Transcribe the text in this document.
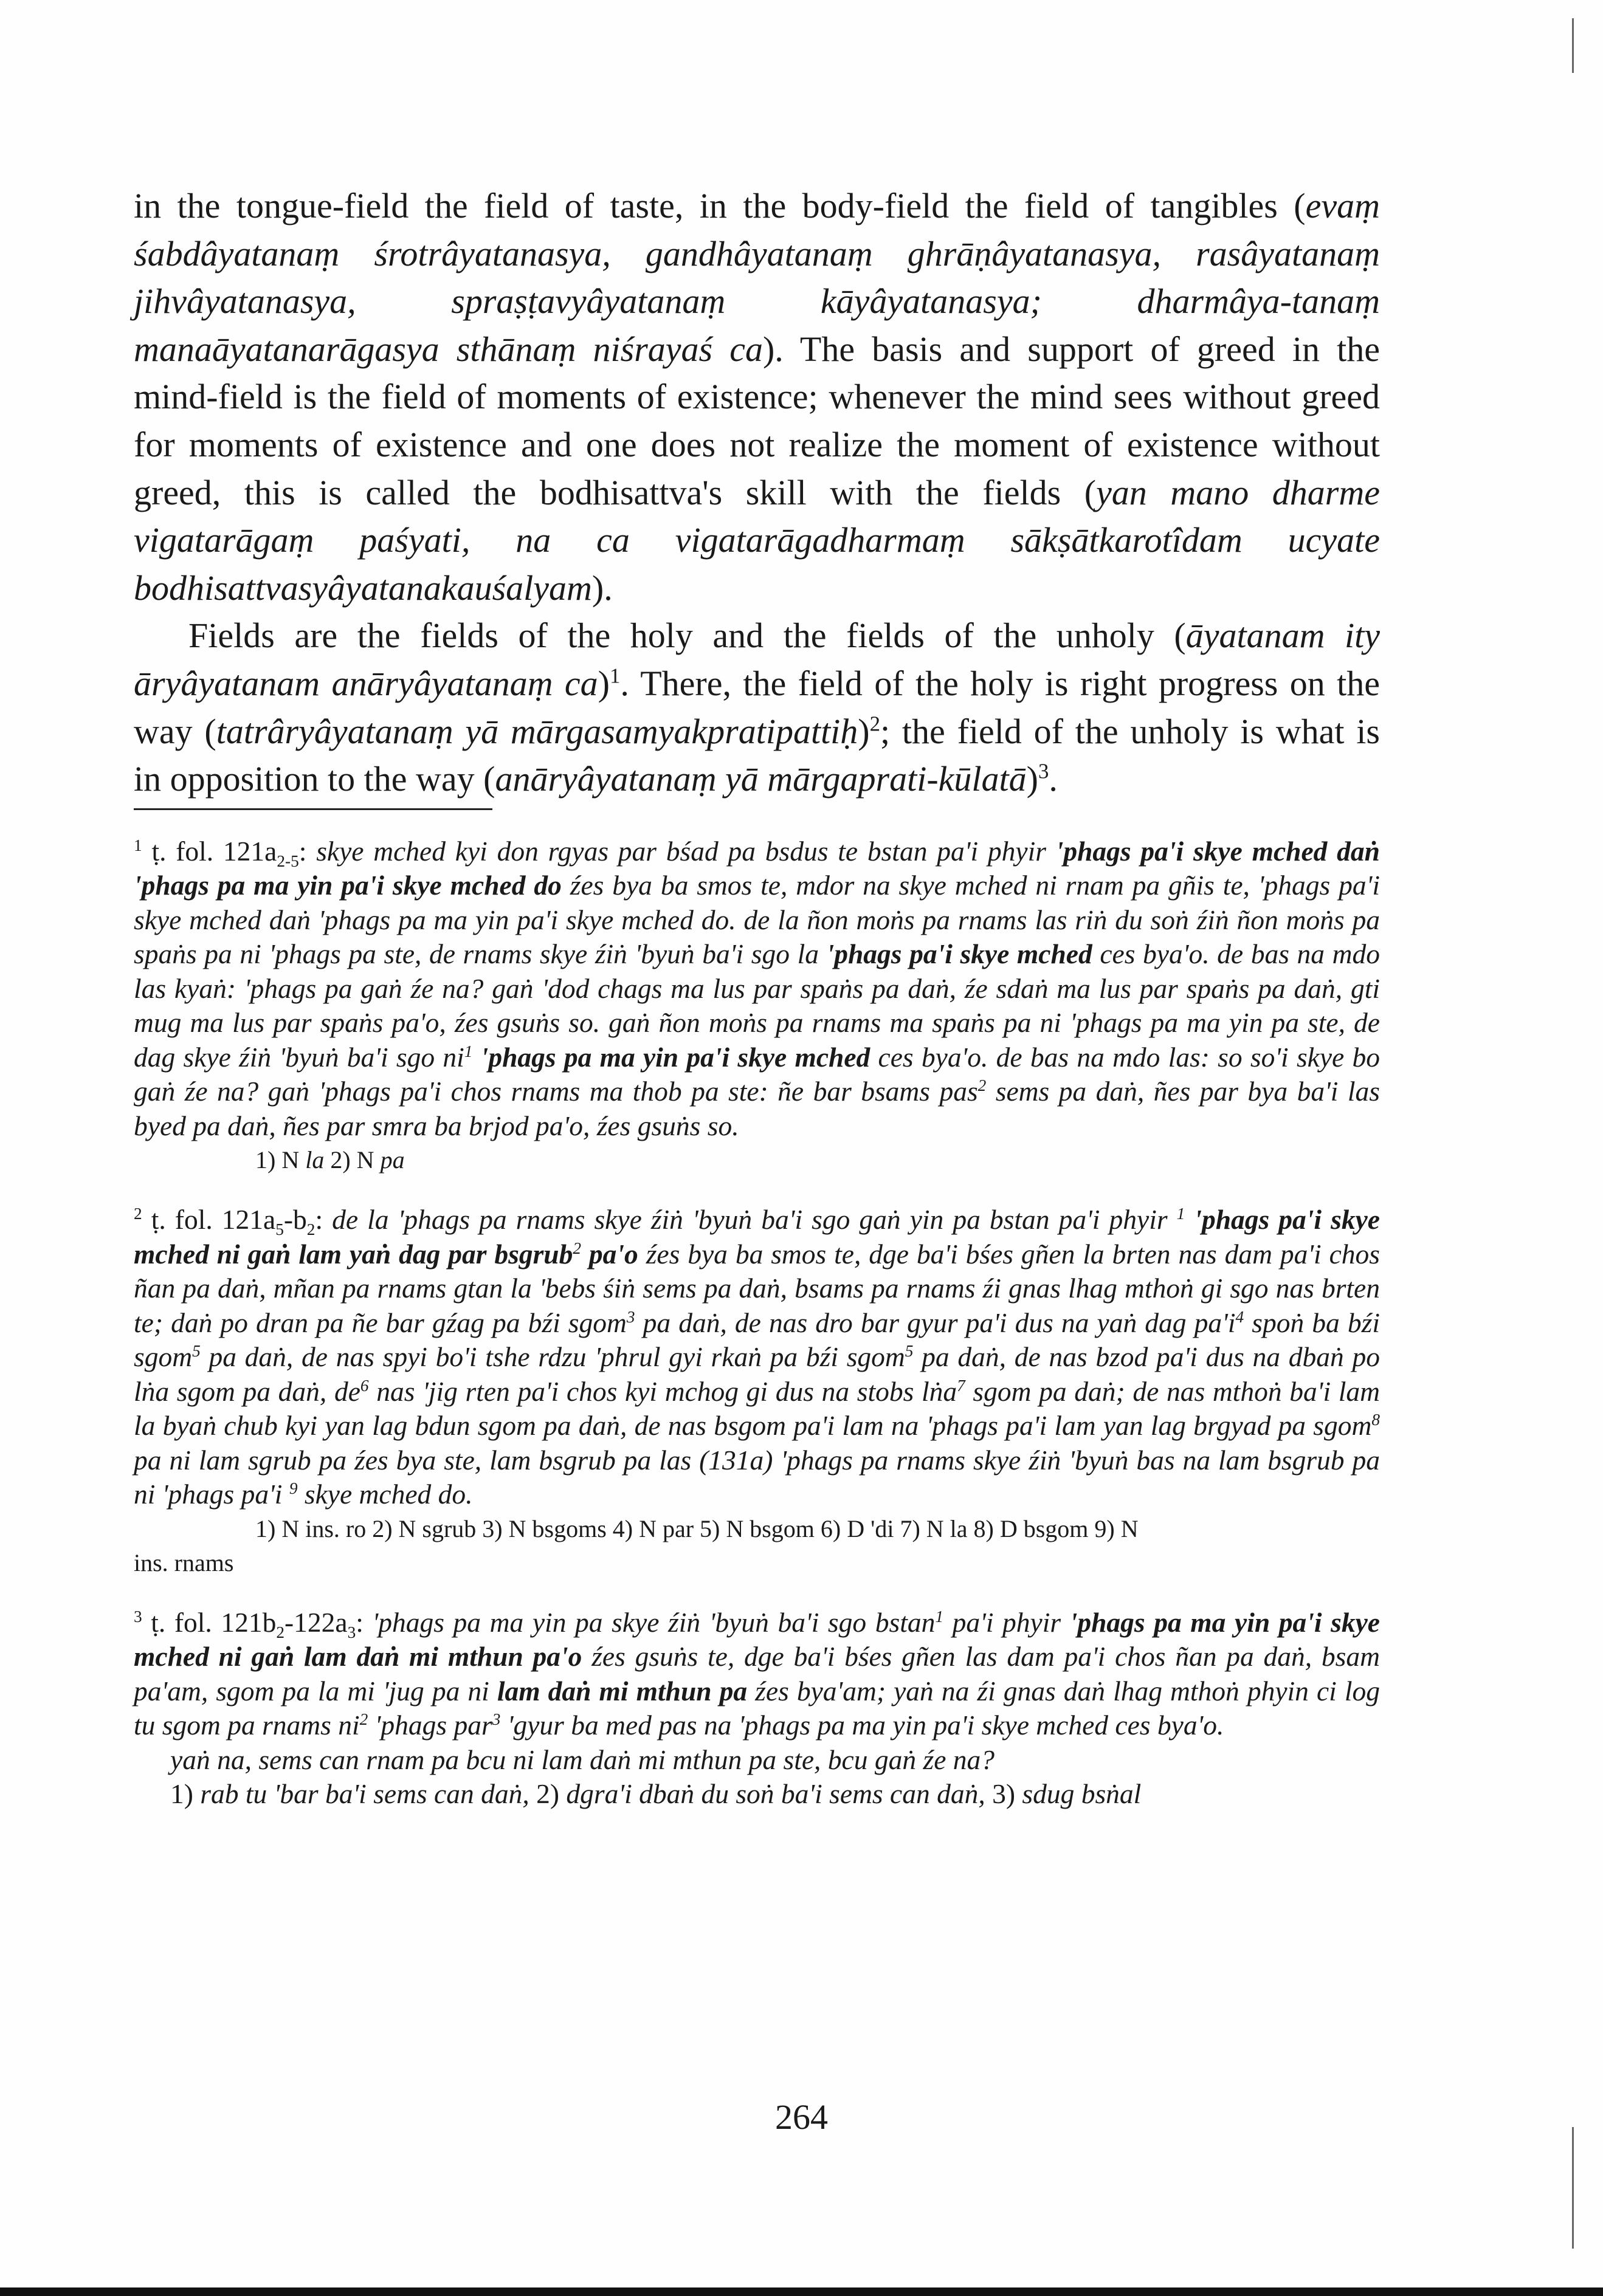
in the tongue-field the field of taste, in the body-field the field of tangibles (evaṃ śabdâyatanaṃ śrotrâyatanasya, gandhâyatanaṃ ghrāṇâyatanasya, rasâyatanaṃ jihvâyatanasya, spraṣṭavyâyatanaṃ kāyâyatanasya; dharmâya-tanaṃ manaāyatanarāgasya sthānaṃ niśrayaś ca). The basis and support of greed in the mind-field is the field of moments of existence; whenever the mind sees without greed for moments of existence and one does not realize the moment of existence without greed, this is called the bodhisattva's skill with the fields (yan mano dharme vigatarāgaṃ paśyati, na ca vigatarāgadharmaṃ sākṣātkarotîdam ucyate bodhisattvasyâyatanakauśalyam).

Fields are the fields of the holy and the fields of the unholy (āyatanam ity āryâyatanam anāryâyatanaṃ ca)$^1$. There, the field of the holy is right progress on the way (tatrâryâyatanaṃ yā mārgasamyakpratipattiḥ)$^2$; the field of the unholy is what is in opposition to the way (anāryâyatanaṃ yā mārgaprati-kūlatā)$^3$.

$^1$ ṭ. fol. $121a_{2-5}$: skye mched kyi don rgyas par bśad pa bsdus te bstan pa'i phyir 'phags pa'i skye mched daṅ 'phags pa ma yin pa'i skye mched do źes bya ba smos te, mdor na skye mched ni rnam pa gñis te, 'phags pa'i skye mched daṅ 'phags pa ma yin pa'i skye mched do. de la ñon moṅs pa rnams las riṅ du soṅ źiṅ ñon moṅs pa spaṅs pa ni 'phags pa ste, de rnams skye źiṅ 'byuṅ ba'i sgo la 'phags pa'i skye mched ces bya'o. de bas na mdo las kyaṅ: 'phags pa gaṅ źe na? gaṅ 'dod chags ma lus par spaṅs pa daṅ, źe sdaṅ ma lus par spaṅs pa daṅ, gti mug ma lus par spaṅs pa'o, źes gsuṅs so. gaṅ ñon moṅs pa rnams ma spaṅs pa ni 'phags pa ma yin pa ste, de dag skye źiṅ 'byuṅ ba'i sgo $ni^1$ 'phags pa ma yin pa'i skye mched ces bya'o. de bas na mdo las: so so'i skye bo gaṅ źe na? gaṅ 'phags pa'i chos rnams ma thob pa ste: ñe bar bsams pas$^2$ sems pa daṅ, ñes par bya ba'i las byed pa daṅ, ñes par smra ba brjod pa'o, źes gsuṅs so.

1) N la 2) N pa

$^2$ ṭ. fol. $121a_5-b_2$: de la 'phags pa rnams skye źiṅ 'byuṅ ba'i sgo gaṅ yin pa bstan pa'i phyir $^1$ 'phags pa'i skye mched ni gaṅ lam yaṅ dag par bsgrub$^2$ pa'o źes bya ba smos te, dge ba'i bśes gñen la brten nas dam pa'i chos ñan pa daṅ, mñan pa rnams gtan la 'bebs śiṅ sems pa daṅ, bsams pa rnams źi gnas lhag mthoṅ gi sgo nas brten te; daṅ po dran pa ñe bar gźag pa bźi sgom$^3$ pa daṅ, de nas dro bar gyur pa'i dus na yaṅ dag $pa'i^4$ spoṅ ba bźi sgom$^5$ pa daṅ, de nas spyi bo'i tshe rdzu 'phrul gyi rkaṅ pa bźi sgom$^5$ pa daṅ, de nas bzod pa'i dus na dbaṅ po lṅa sgom pa daṅ, $de^6$ nas 'jig rten pa'i chos kyi mchog gi dus na stobs lṅa$^7$ sgom pa daṅ; de nas mthoṅ ba'i lam la byaṅ chub kyi yan lag bdun sgom pa daṅ, de nas bsgom pa'i lam na 'phags pa'i lam yan lag brgyad pa sgom$^8$ pa ni lam sgrub pa źes bya ste, lam bsgrub pa las (131a) 'phags pa rnams skye źiṅ 'byuṅ bas na lam bsgrub pa ni 'phags pa'i $^9$ skye mched do.

1) N ins. ro 2) N sgrub 3) N bsgoms 4) N par 5) N bsgom 6) D 'di 7) N la 8) D bsgom 9) N

ins. rnams

$^3$ ṭ. fol. $121b_2-122a_3$: 'phags pa ma yin pa skye źiṅ 'byuṅ ba'i sgo bstan$^1$ pa'i phyir 'phags pa ma yin pa'i skye mched ni gaṅ lam daṅ mi mthun pa'o źes gsuṅs te, dge ba'i bśes gñen las dam pa'i chos ñan pa daṅ, bsam pa'am, sgom pa la mi 'jug pa ni lam daṅ mi mthun pa źes bya'am; yaṅ na źi gnas daṅ lhag mthoṅ phyin ci log tu sgom pa rnams $ni^2$ 'phags par$^3$ 'gyur ba med pas na 'phags pa ma yin pa'i skye mched ces bya'o.

yaṅ na, sems can rnam pa bcu ni lam daṅ mi mthun pa ste, bcu gaṅ źe na?

1) rab tu 'bar ba'i sems can daṅ, 2) dgra'i dbaṅ du soṅ ba'i sems can daṅ, 3) sdug bsṅal

264
